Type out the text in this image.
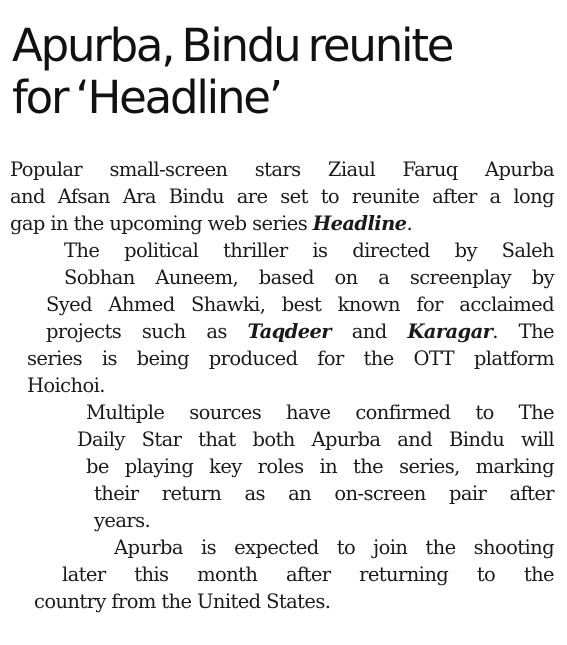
Apurba, Bindu reunite
for ‘Headline’
Popular small-screen stars Ziaul Faruq Apurba
and Afsan Ara Bindu are set to reunite after a long
gap in the upcoming web series Headline.
The political thriller is directed by Saleh
Sobhan Auneem, based on a screenplay by
Syed Ahmed Shawki, best known for acclaimed
projects such as Taqdeer and Karagar. The
series is being produced for the OTT platform
Hoichoi.
Multiple sources have confirmed to The
Daily Star that both Apurba and Bindu will
be playing key roles in the series, marking
their return as an on-screen pair after
years.
Apurba is expected to join the shooting
later this month after returning to the
country from the United States.
